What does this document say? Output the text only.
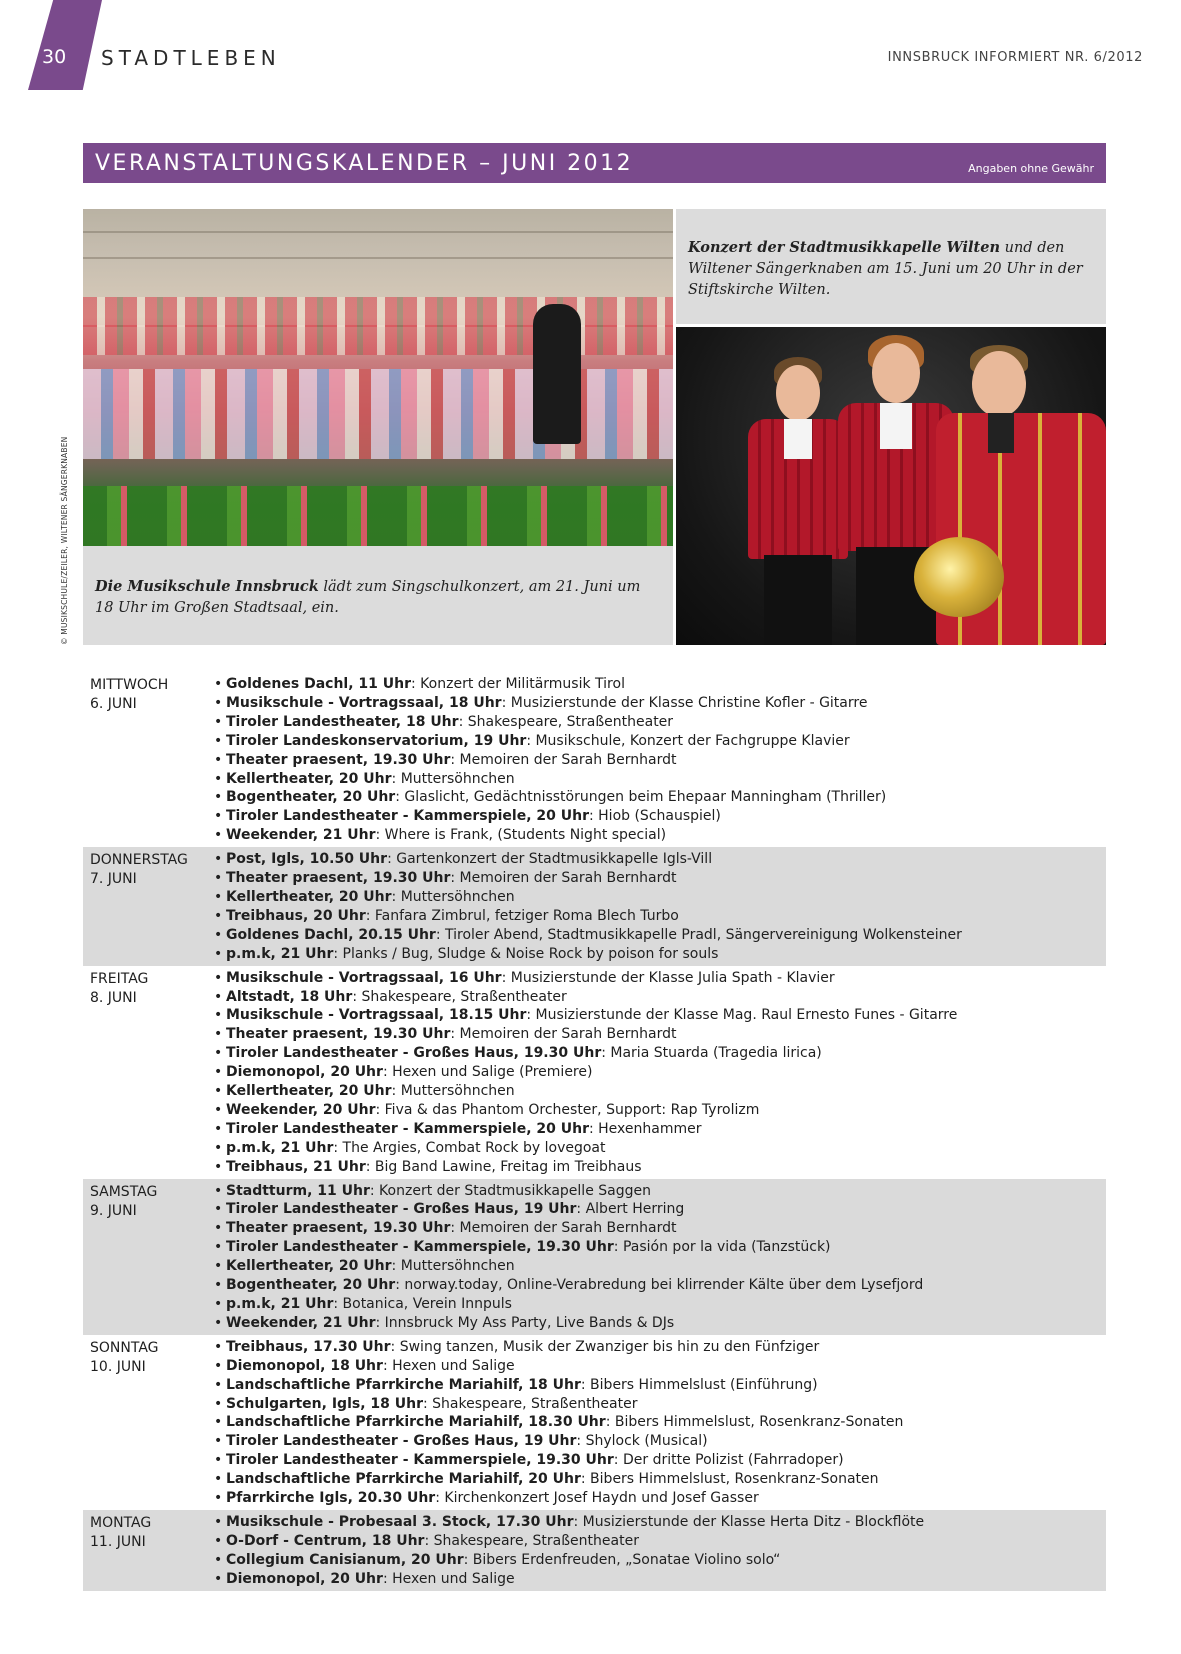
30 STADTLEBEN	INNSBRUCK INFORMIERT NR. 6/2012
VERANSTALTUNGSKALENDER – JUNI 2012	Angaben ohne Gewähr
Die Musikschule Innsbruck lädt zum Singschulkonzert, am 21. Juni um 18 Uhr im Großen Stadtsaal, ein.
Konzert der Stadtmusikkapelle Wilten und den Wiltener Sängerknaben am 15. Juni um 20 Uhr in der Stiftskirche Wilten.
© MUSIKSCHULE/ZEILER, WILTENER SÄNGERKNABEN
MITTWOCH
6. JUNI
• Goldenes Dachl, 11 Uhr: Konzert der Militärmusik Tirol
• Musikschule - Vortragssaal, 18 Uhr: Musizierstunde der Klasse Christine Kofler - Gitarre
• Tiroler Landestheater, 18 Uhr: Shakespeare, Straßentheater
• Tiroler Landeskonservatorium, 19 Uhr: Musikschule, Konzert der Fachgruppe Klavier
• Theater praesent, 19.30 Uhr: Memoiren der Sarah Bernhardt
• Kellertheater, 20 Uhr: Muttersöhnchen
• Bogentheater, 20 Uhr: Glaslicht, Gedächtnisstörungen beim Ehepaar Manningham (Thriller)
• Tiroler Landestheater - Kammerspiele, 20 Uhr: Hiob (Schauspiel)
• Weekender, 21 Uhr: Where is Frank, (Students Night special)
DONNERSTAG
7. JUNI
• Post, Igls, 10.50 Uhr: Gartenkonzert der Stadtmusikkapelle Igls-Vill
• Theater praesent, 19.30 Uhr: Memoiren der Sarah Bernhardt
• Kellertheater, 20 Uhr: Muttersöhnchen
• Treibhaus, 20 Uhr: Fanfara Zimbrul, fetziger Roma Blech Turbo
• Goldenes Dachl, 20.15 Uhr: Tiroler Abend, Stadtmusikkapelle Pradl, Sängervereinigung Wolkensteiner
• p.m.k, 21 Uhr: Planks / Bug, Sludge & Noise Rock by poison for souls
FREITAG
8. JUNI
• Musikschule - Vortragssaal, 16 Uhr: Musizierstunde der Klasse Julia Spath - Klavier
• Altstadt, 18 Uhr: Shakespeare, Straßentheater
• Musikschule - Vortragssaal, 18.15 Uhr: Musizierstunde der Klasse Mag. Raul Ernesto Funes - Gitarre
• Theater praesent, 19.30 Uhr: Memoiren der Sarah Bernhardt
• Tiroler Landestheater - Großes Haus, 19.30 Uhr: Maria Stuarda (Tragedia lirica)
• Diemonopol, 20 Uhr: Hexen und Salige (Premiere)
• Kellertheater, 20 Uhr: Muttersöhnchen
• Weekender, 20 Uhr: Fiva & das Phantom Orchester, Support: Rap Tyrolizm
• Tiroler Landestheater - Kammerspiele, 20 Uhr: Hexenhammer
• p.m.k, 21 Uhr: The Argies, Combat Rock by lovegoat
• Treibhaus, 21 Uhr: Big Band Lawine, Freitag im Treibhaus
SAMSTAG
9. JUNI
• Stadtturm, 11 Uhr: Konzert der Stadtmusikkapelle Saggen
• Tiroler Landestheater - Großes Haus, 19 Uhr: Albert Herring
• Theater praesent, 19.30 Uhr: Memoiren der Sarah Bernhardt
• Tiroler Landestheater - Kammerspiele, 19.30 Uhr: Pasión por la vida (Tanzstück)
• Kellertheater, 20 Uhr: Muttersöhnchen
• Bogentheater, 20 Uhr: norway.today, Online-Verabredung bei klirrender Kälte über dem Lysefjord
• p.m.k, 21 Uhr: Botanica, Verein Innpuls
• Weekender, 21 Uhr: Innsbruck My Ass Party, Live Bands & DJs
SONNTAG
10. JUNI
• Treibhaus, 17.30 Uhr: Swing tanzen, Musik der Zwanziger bis hin zu den Fünfziger
• Diemonopol, 18 Uhr: Hexen und Salige
• Landschaftliche Pfarrkirche Mariahilf, 18 Uhr: Bibers Himmelslust (Einführung)
• Schulgarten, Igls, 18 Uhr: Shakespeare, Straßentheater
• Landschaftliche Pfarrkirche Mariahilf, 18.30 Uhr: Bibers Himmelslust, Rosenkranz-Sonaten
• Tiroler Landestheater - Großes Haus, 19 Uhr: Shylock (Musical)
• Tiroler Landestheater - Kammerspiele, 19.30 Uhr: Der dritte Polizist (Fahrradoper)
• Landschaftliche Pfarrkirche Mariahilf, 20 Uhr: Bibers Himmelslust, Rosenkranz-Sonaten
• Pfarrkirche Igls, 20.30 Uhr: Kirchenkonzert Josef Haydn und Josef Gasser
MONTAG
11. JUNI
• Musikschule - Probesaal 3. Stock, 17.30 Uhr: Musizierstunde der Klasse Herta Ditz - Blockflöte
• O-Dorf - Centrum, 18 Uhr: Shakespeare, Straßentheater
• Collegium Canisianum, 20 Uhr: Bibers Erdenfreuden, „Sonatae Violino solo“
• Diemonopol, 20 Uhr: Hexen und Salige
